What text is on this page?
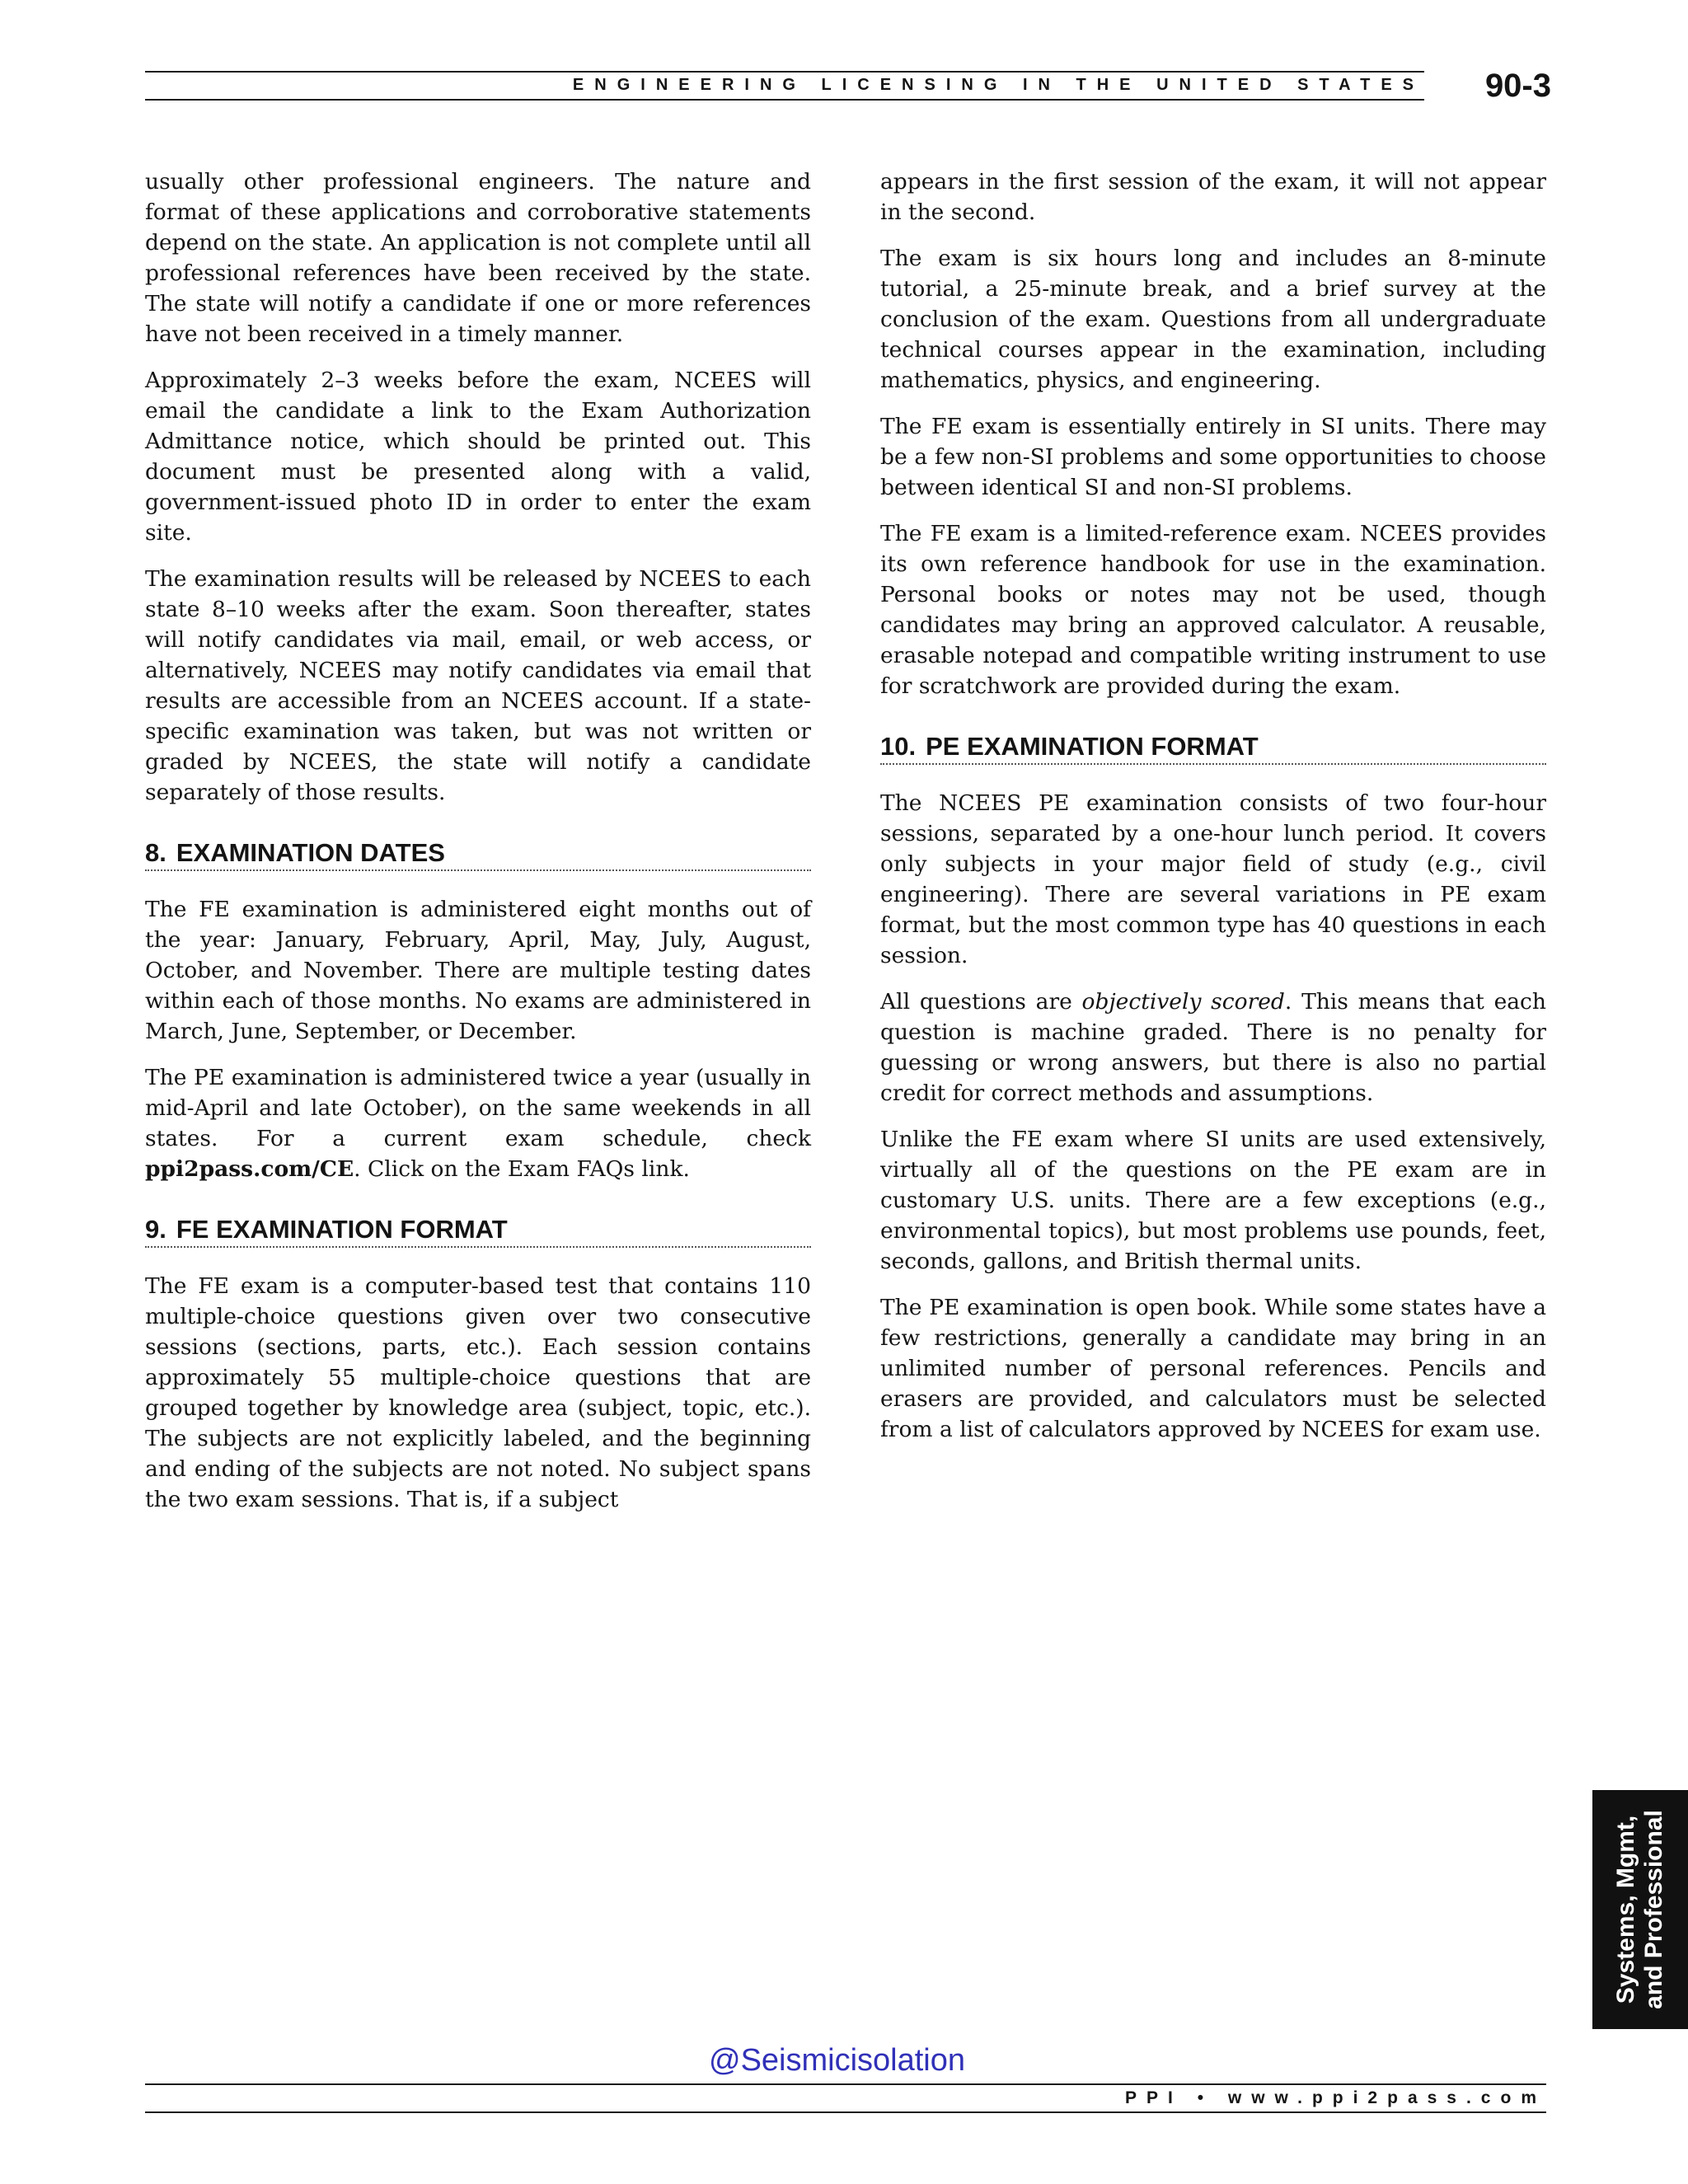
ENGINEERING LICENSING IN THE UNITED STATES	90-3

usually other professional engineers. The nature and format of these applications and corroborative statements depend on the state. An application is not complete until all professional references have been received by the state. The state will notify a candidate if one or more references have not been received in a timely manner.

Approximately 2–3 weeks before the exam, NCEES will email the candidate a link to the Exam Authorization Admittance notice, which should be printed out. This document must be presented along with a valid, government-issued photo ID in order to enter the exam site.

The examination results will be released by NCEES to each state 8–10 weeks after the exam. Soon thereafter, states will notify candidates via mail, email, or web access, or alternatively, NCEES may notify candidates via email that results are accessible from an NCEES account. If a state-specific examination was taken, but was not written or graded by NCEES, the state will notify a candidate separately of those results.

8. EXAMINATION DATES

The FE examination is administered eight months out of the year: January, February, April, May, July, August, October, and November. There are multiple testing dates within each of those months. No exams are administered in March, June, September, or December.

The PE examination is administered twice a year (usually in mid-April and late October), on the same weekends in all states. For a current exam schedule, check ppi2pass.com/CE. Click on the Exam FAQs link.

9. FE EXAMINATION FORMAT

The FE exam is a computer-based test that contains 110 multiple-choice questions given over two consecutive sessions (sections, parts, etc.). Each session contains approximately 55 multiple-choice questions that are grouped together by knowledge area (subject, topic, etc.). The subjects are not explicitly labeled, and the beginning and ending of the subjects are not noted. No subject spans the two exam sessions. That is, if a subject

appears in the first session of the exam, it will not appear in the second.

The exam is six hours long and includes an 8-minute tutorial, a 25-minute break, and a brief survey at the conclusion of the exam. Questions from all undergraduate technical courses appear in the examination, including mathematics, physics, and engineering.

The FE exam is essentially entirely in SI units. There may be a few non-SI problems and some opportunities to choose between identical SI and non-SI problems.

The FE exam is a limited-reference exam. NCEES provides its own reference handbook for use in the examination. Personal books or notes may not be used, though candidates may bring an approved calculator. A reusable, erasable notepad and compatible writing instrument to use for scratchwork are provided during the exam.

10. PE EXAMINATION FORMAT

The NCEES PE examination consists of two four-hour sessions, separated by a one-hour lunch period. It covers only subjects in your major field of study (e.g., civil engineering). There are several variations in PE exam format, but the most common type has 40 questions in each session.

All questions are objectively scored. This means that each question is machine graded. There is no penalty for guessing or wrong answers, but there is also no partial credit for correct methods and assumptions.

Unlike the FE exam where SI units are used extensively, virtually all of the questions on the PE exam are in customary U.S. units. There are a few exceptions (e.g., environmental topics), but most problems use pounds, feet, seconds, gallons, and British thermal units.

The PE examination is open book. While some states have a few restrictions, generally a candidate may bring in an unlimited number of personal references. Pencils and erasers are provided, and calculators must be selected from a list of calculators approved by NCEES for exam use.

Systems, Mgmt, and Professional
@Seismicisolation
PPI • www.ppi2pass.com
